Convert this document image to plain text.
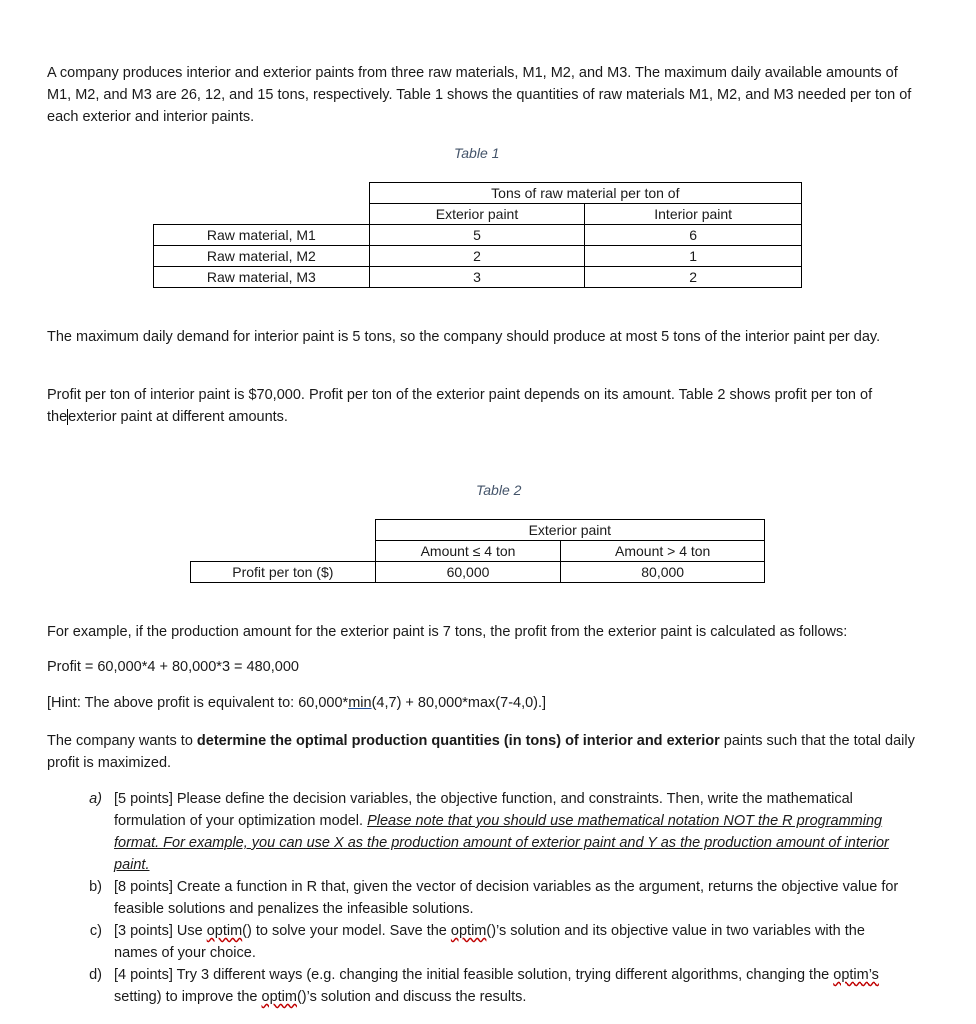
A company produces interior and exterior paints from three raw materials, M1, M2, and M3. The maximum daily available amounts of M1, M2, and M3 are 26, 12, and 15 tons, respectively. Table 1 shows the quantities of raw materials M1, M2, and M3 needed per ton of each exterior and interior paints.

Table 1
	Tons of raw material per ton of	
	Exterior paint	Interior paint
Raw material, M1	5	6
Raw material, M2	2	1
Raw material, M3	3	2

The maximum daily demand for interior paint is 5 tons, so the company should produce at most 5 tons of the interior paint per day.

Profit per ton of interior paint is $70,000. Profit per ton of the exterior paint depends on its amount. Table 2 shows profit per ton of theexterior paint at different amounts.

Table 2
	Exterior paint	
	Amount ≤ 4 ton	Amount > 4 ton
Profit per ton ($)	60,000	80,000

For example, if the production amount for the exterior paint is 7 tons, the profit from the exterior paint is calculated as follows:

Profit = 60,000*4 + 80,000*3 = 480,000

[Hint: The above profit is equivalent to: 60,000*min(4,7) + 80,000*max(7-4,0).]

The company wants to determine the optimal production quantities (in tons) of interior and exterior paints such that the total daily profit is maximized.

a) [5 points] Please define the decision variables, the objective function, and constraints. Then, write the mathematical formulation of your optimization model. Please note that you should use mathematical notation NOT the R programming format. For example, you can use X as the production amount of exterior paint and Y as the production amount of interior paint.
b) [8 points] Create a function in R that, given the vector of decision variables as the argument, returns the objective value for feasible solutions and penalizes the infeasible solutions.
c) [3 points] Use optim() to solve your model. Save the optim()’s solution and its objective value in two variables with the names of your choice.
d) [4 points] Try 3 different ways (e.g. changing the initial feasible solution, trying different algorithms, changing the optim’s setting) to improve the optim()’s solution and discuss the results.
